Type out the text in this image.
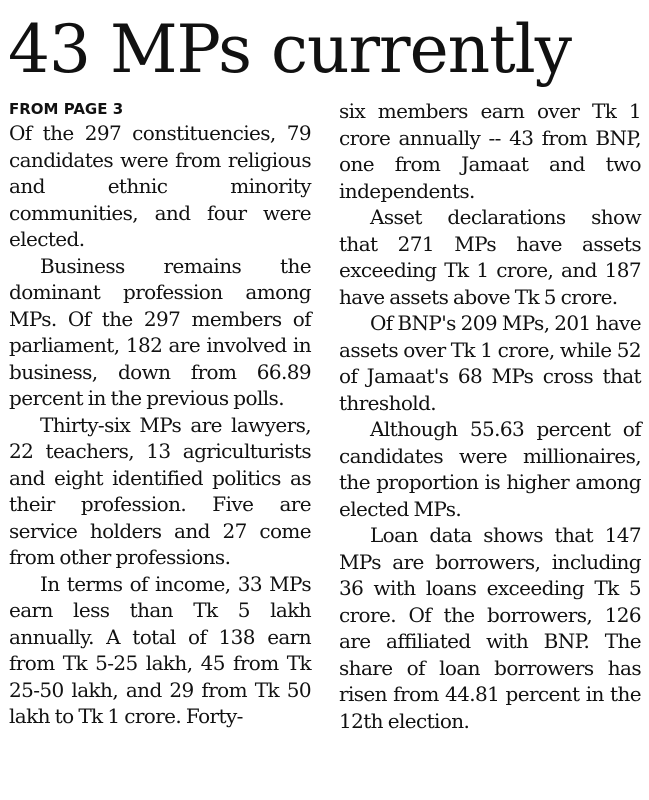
43 MPs currently
FROM PAGE 3

Of the 297 constituencies, 79 candidates were from religious and ethnic minority communities, and four were elected.

Business remains the dominant profession among MPs. Of the 297 members of parliament, 182 are involved in business, down from 66.89 percent in the previous polls.

Thirty-six MPs are lawyers, 22 teachers, 13 agriculturists and eight identified politics as their profession. Five are service holders and 27 come from other professions.

In terms of income, 33 MPs earn less than Tk 5 lakh annually. A total of 138 earn from Tk 5-25 lakh, 45 from Tk 25-50 lakh, and 29 from Tk 50 lakh to Tk 1 crore. Forty-

six members earn over Tk 1 crore annually -- 43 from BNP, one from Jamaat and two independents.

Asset declarations show that 271 MPs have assets exceeding Tk 1 crore, and 187 have assets above Tk 5 crore.

Of BNP's 209 MPs, 201 have assets over Tk 1 crore, while 52 of Jamaat's 68 MPs cross that threshold.

Although 55.63 percent of candidates were millionaires, the proportion is higher among elected MPs.

Loan data shows that 147 MPs are borrowers, including 36 with loans exceeding Tk 5 crore. Of the borrowers, 126 are affiliated with BNP. The share of loan borrowers has risen from 44.81 percent in the 12th election.
